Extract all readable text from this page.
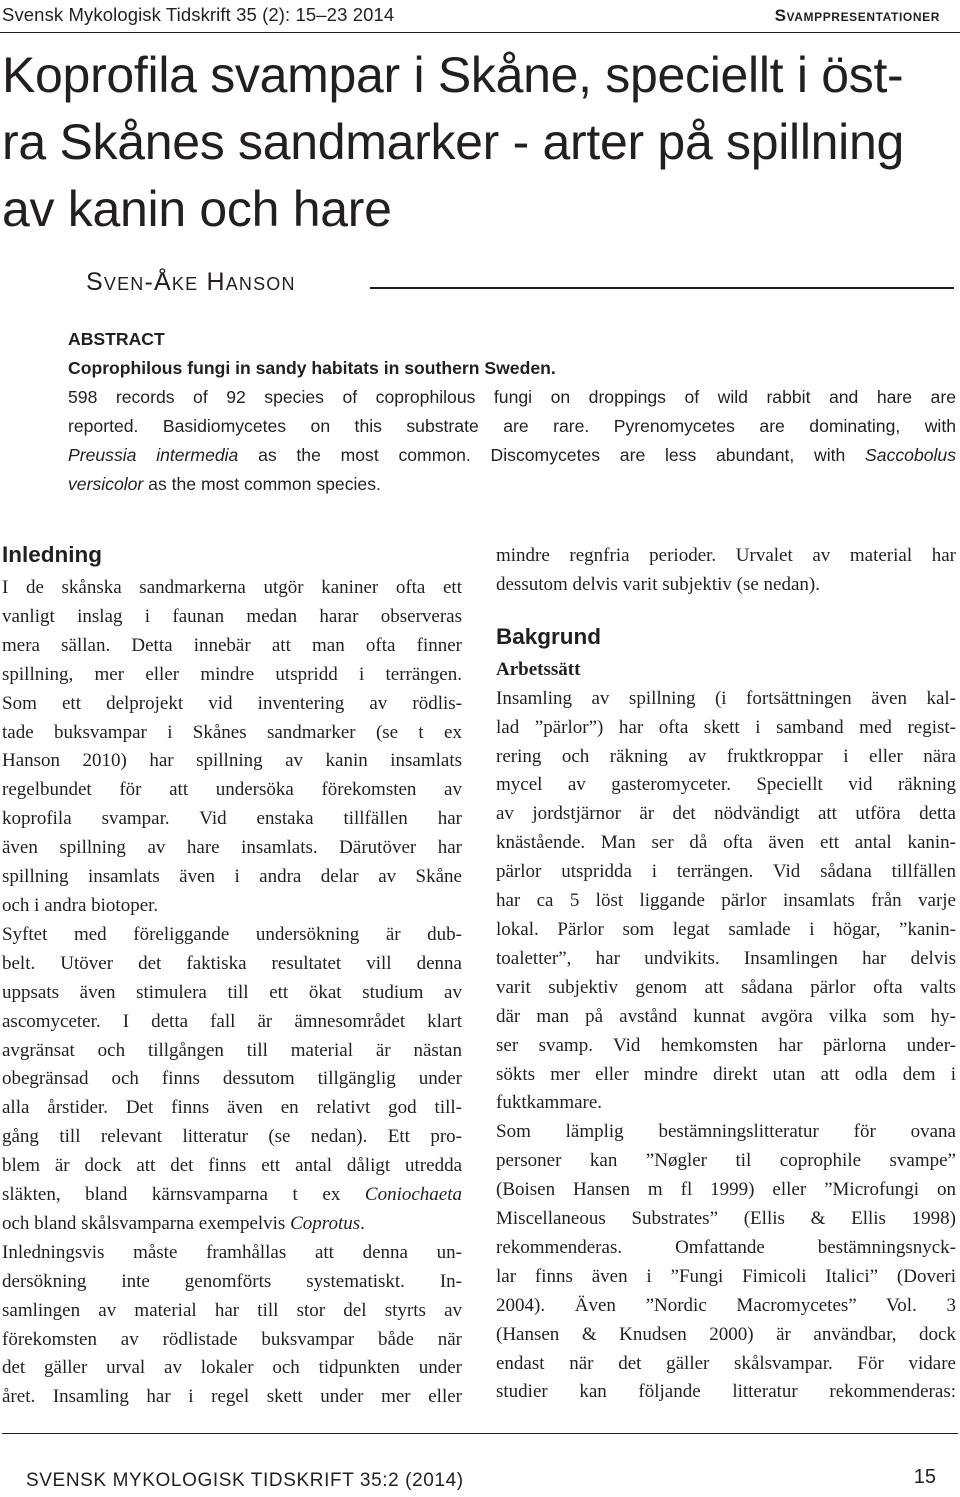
Svensk Mykologisk Tidskrift 35 (2): 15–23 2014	Svamppresentationer
Koprofila svampar i Skåne, speciellt i öst-
ra Skånes sandmarker - arter på spillning
av kanin och hare
Sven-Åke Hanson
ABSTRACT
Coprophilous fungi in sandy habitats in southern Sweden.
598 records of 92 species of coprophilous fungi on droppings of wild rabbit and hare are
reported. Basidiomycetes on this substrate are rare. Pyrenomycetes are dominating, with
Preussia intermedia as the most common. Discomycetes are less abundant, with Saccobolus
versicolor as the most common species.
Inledning
I de skånska sandmarkerna utgör kaniner ofta ett
vanligt inslag i faunan medan harar observeras
mera sällan. Detta innebär att man ofta finner
spillning, mer eller mindre utspridd i terrängen.
Som ett delprojekt vid inventering av rödlis-
tade buksvampar i Skånes sandmarker (se t ex
Hanson 2010) har spillning av kanin insamlats
regelbundet för att undersöka förekomsten av
koprofila svampar. Vid enstaka tillfällen har
även spillning av hare insamlats. Därutöver har
spillning insamlats även i andra delar av Skåne
och i andra biotoper.
Syftet med föreliggande undersökning är dub-
belt. Utöver det faktiska resultatet vill denna
uppsats även stimulera till ett ökat studium av
ascomyceter. I detta fall är ämnesområdet klart
avgränsat och tillgången till material är nästan
obegränsad och finns dessutom tillgänglig under
alla årstider. Det finns även en relativt god till-
gång till relevant litteratur (se nedan). Ett pro-
blem är dock att det finns ett antal dåligt utredda
släkten, bland kärnsvamparna t ex Coniochaeta
och bland skålsvamparna exempelvis Coprotus.
Inledningsvis måste framhållas att denna un-
dersökning inte genomförts systematiskt. In-
samlingen av material har till stor del styrts av
förekomsten av rödlistade buksvampar både när
det gäller urval av lokaler och tidpunkten under
året. Insamling har i regel skett under mer eller
mindre regnfria perioder. Urvalet av material har
dessutom delvis varit subjektiv (se nedan).
Bakgrund
Arbetssätt
Insamling av spillning (i fortsättningen även kal-
lad ”pärlor”) har ofta skett i samband med regist-
rering och räkning av fruktkroppar i eller nära
mycel av gasteromyceter. Speciellt vid räkning
av jordstjärnor är det nödvändigt att utföra detta
knästående. Man ser då ofta även ett antal kanin-
pärlor utspridda i terrängen. Vid sådana tillfällen
har ca 5 löst liggande pärlor insamlats från varje
lokal. Pärlor som legat samlade i högar, ”kanin-
toaletter”, har undvikits. Insamlingen har delvis
varit subjektiv genom att sådana pärlor ofta valts
där man på avstånd kunnat avgöra vilka som hy-
ser svamp. Vid hemkomsten har pärlorna under-
sökts mer eller mindre direkt utan att odla dem i
fuktkammare.
Som lämplig bestämningslitteratur för ovana
personer kan ”Nøgler til coprophile svampe”
(Boisen Hansen m fl 1999) eller ”Microfungi on
Miscellaneous Substrates” (Ellis & Ellis 1998)
rekommenderas. Omfattande bestämningsnyck-
lar finns även i ”Fungi Fimicoli Italici” (Doveri
2004). Även ”Nordic Macromycetes” Vol. 3
(Hansen & Knudsen 2000) är användbar, dock
endast när det gäller skålsvampar. För vidare
studier kan följande litteratur rekommenderas:
SVENSK MYKOLOGISK TIDSKRIFT 35:2 (2014)	15
